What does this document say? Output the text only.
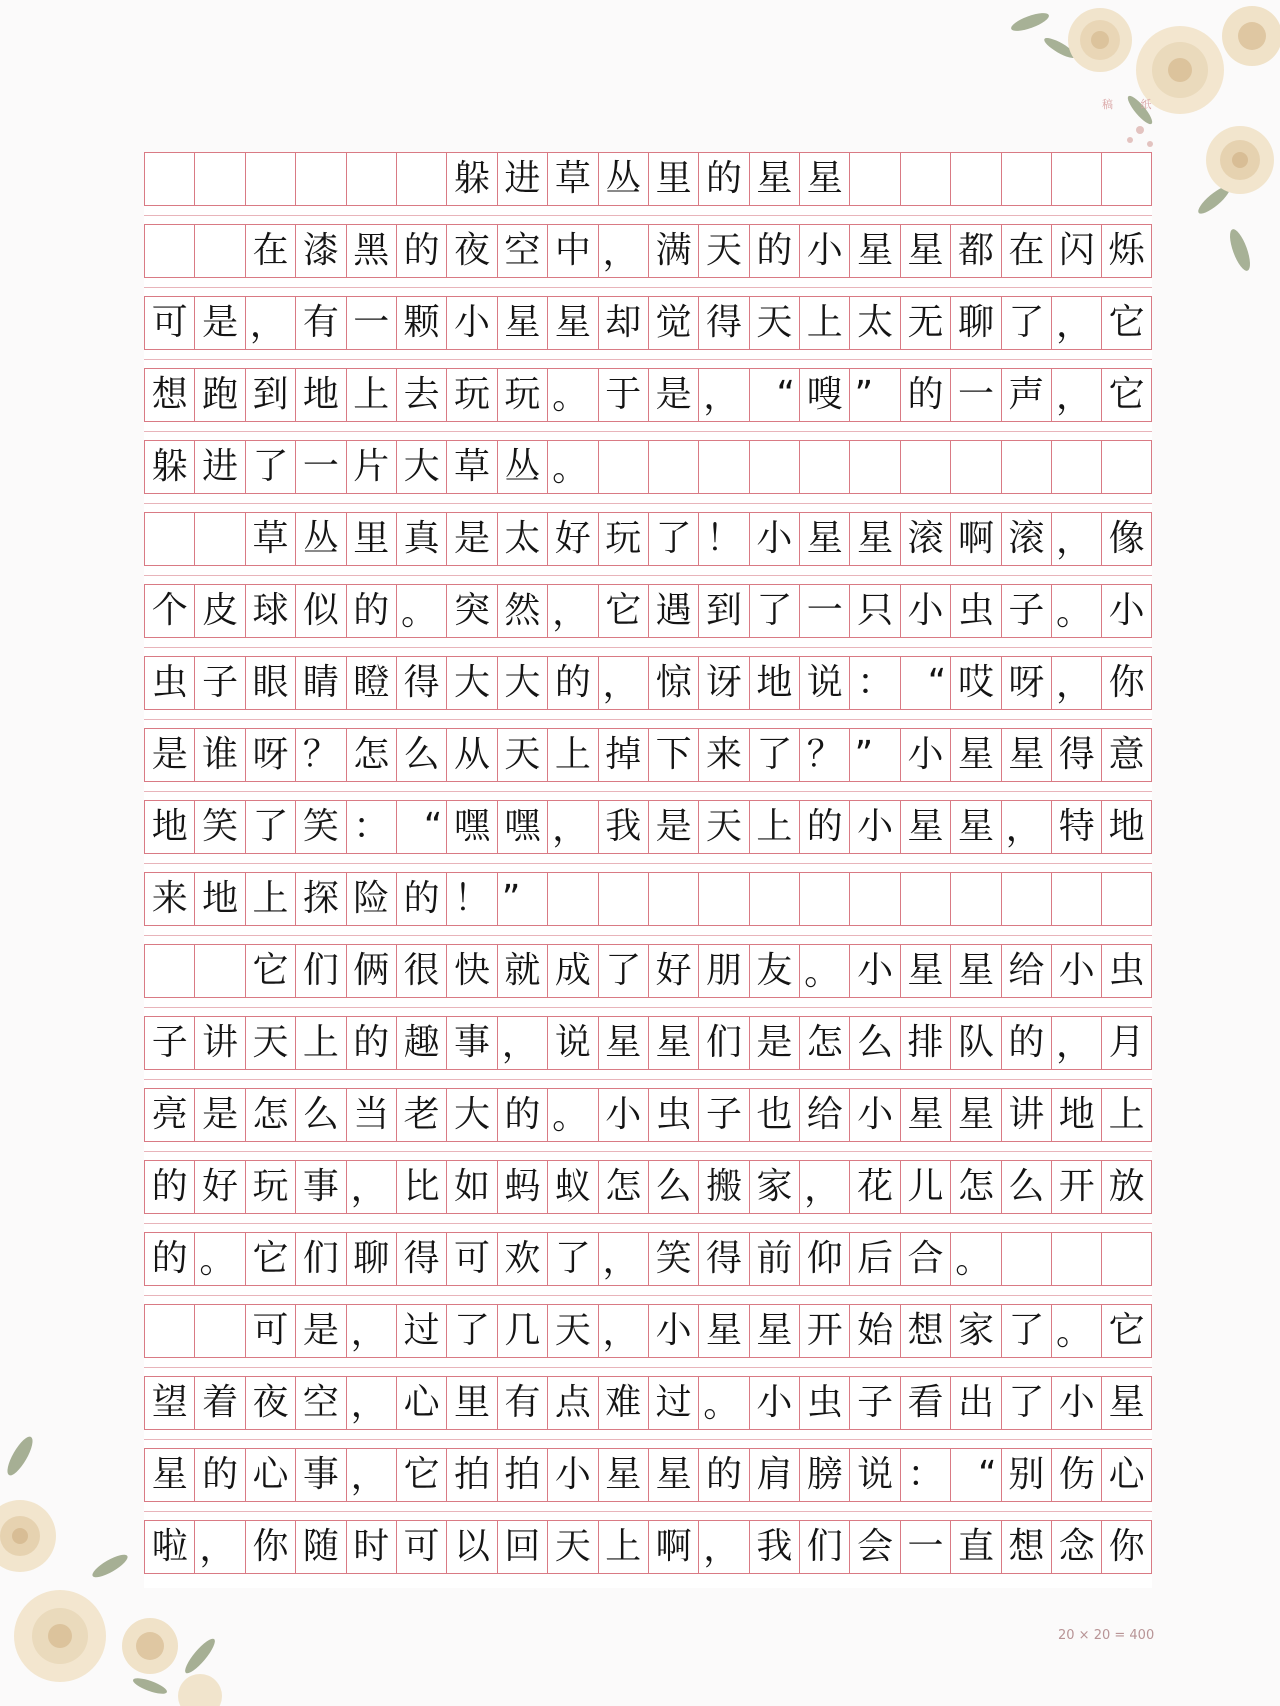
稿 纸
躲 进 草 丛 里 的 星 星
在 漆 黑 的 夜 空 中 ， 满 天 的 小 星 星 都 在 闪 烁
可 是 ， 有 一 颗 小 星 星 却 觉 得 天 上 太 无 聊 了 ， 它
想 跑 到 地 上 去 玩 玩 。 于 是 ，	“ 嗖 ” 的 一 声 ， 它
躲 进 了 一 片 大 草 丛 。
草 丛 里 真 是 太 好 玩 了 ！ 小 星 星 滚 啊 滚 ， 像
个 皮 球 似 的 。 突 然 ， 它 遇 到 了 一 只 小 虫 子 。 小
虫 子 眼 睛 瞪 得 大 大 的 ， 惊 讶 地 说 ： “ 哎 呀 ， 你
是 谁 呀 ？ 怎 么 从 天 上 掉 下 来 了 ？ ” 小 星 星 得 意
地 笑 了 笑 ： “ 嘿 嘿 ， 我 是 天 上 的 小 星 星 ， 特 地
来 地 上 探 险 的 ！ ”
它 们 俩 很 快 就 成 了 好 朋 友 。 小 星 星 给 小 虫
子 讲 天 上 的 趣 事 ， 说 星 星 们 是 怎 么 排 队 的 ， 月
亮 是 怎 么 当 老 大 的 。 小 虫 子 也 给 小 星 星 讲 地 上
的 好 玩 事 ， 比 如 蚂 蚁 怎 么 搬 家 ， 花 儿 怎 么 开 放
的 。 它 们 聊 得 可 欢 了 ， 笑 得 前 仰 后 合 。
可 是 ， 过 了 几 天 ， 小 星 星 开 始 想 家 了 。 它
望 着 夜 空 ， 心 里 有 点 难 过 。 小 虫 子 看 出 了 小 星
星 的 心 事 ， 它 拍 拍 小 星 星 的 肩 膀 说 ： “ 别 伤 心
啦 ， 你 随 时 可 以 回 天 上 啊 ， 我 们 会 一 直 想 念 你
20 × 20 = 400
